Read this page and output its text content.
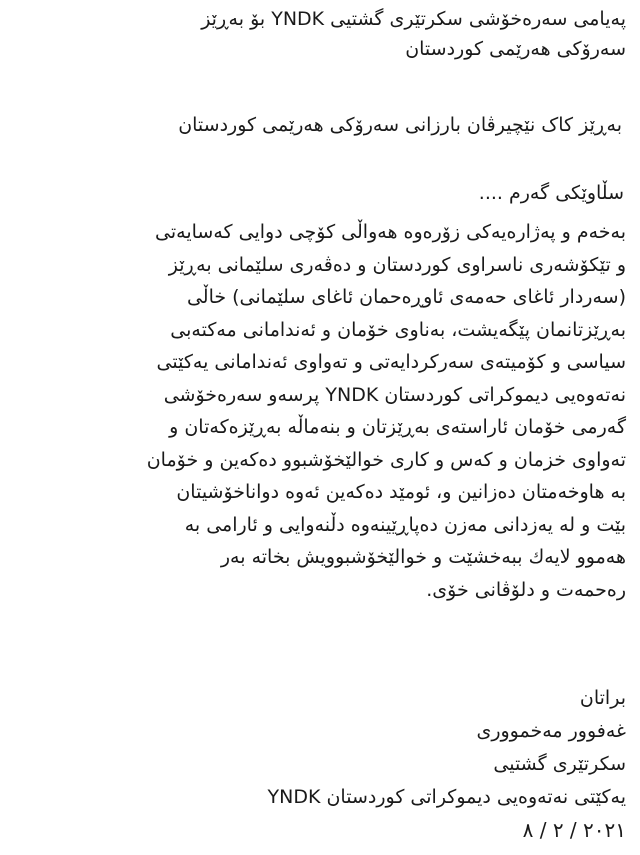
پەیامی سەرەخۆشی سکرتێری گشتیی YNDK بۆ بەڕێز
سەرۆکی هەرێمی کوردستان
بەڕێز کاک نێچیرڤان بارزانی سەرۆکی هەرێمی کوردستان
سڵاوێکی گەرم ....
بەخەم و پەژارەیەکی زۆرەوە هەواڵی کۆچی دوایی کەسایەتی
و تێکۆشەری ناسراوی کوردستان و دەڤەری سلێمانی بەڕێز
(سەردار ئاغای حەمەی ئاوڕەحمان ئاغای سلێمانی) خاڵی
بەڕێزتانمان پێگەیشت، بەناوی خۆمان و ئەندامانی مەکتەبی
سیاسی و کۆمیتەی سەرکردایەتی و تەواوی ئەندامانی یەکێتی
نەتەوەیی دیموکراتی کوردستان YNDK پرسەو سەرەخۆشی
گەرمی خۆمان ئاراستەی بەڕێزتان و بنەماڵە بەڕێزەکەتان و
تەواوی خزمان و کەس و کاری خوالێخۆشبوو دەکەین و خۆمان
بە هاوخەمتان دەزانین و، ئومێد دەکەین ئەوە دواناخۆشیتان
بێت و لە یەزدانی مەزن دەپاڕێینەوە دڵنەوایی و ئارامی بە
هەموو لایەك ببەخشێت و خوالێخۆشبوویش بخاتە بەر
رەحمەت و دلۆڤانی خۆی.
براتان
غەفوور مەخمووری
سکرتێری گشتیی
یەکێتی نەتەوەیی دیموکراتی کوردستان YNDK
٢٠٢١ / ٢ / ٨
